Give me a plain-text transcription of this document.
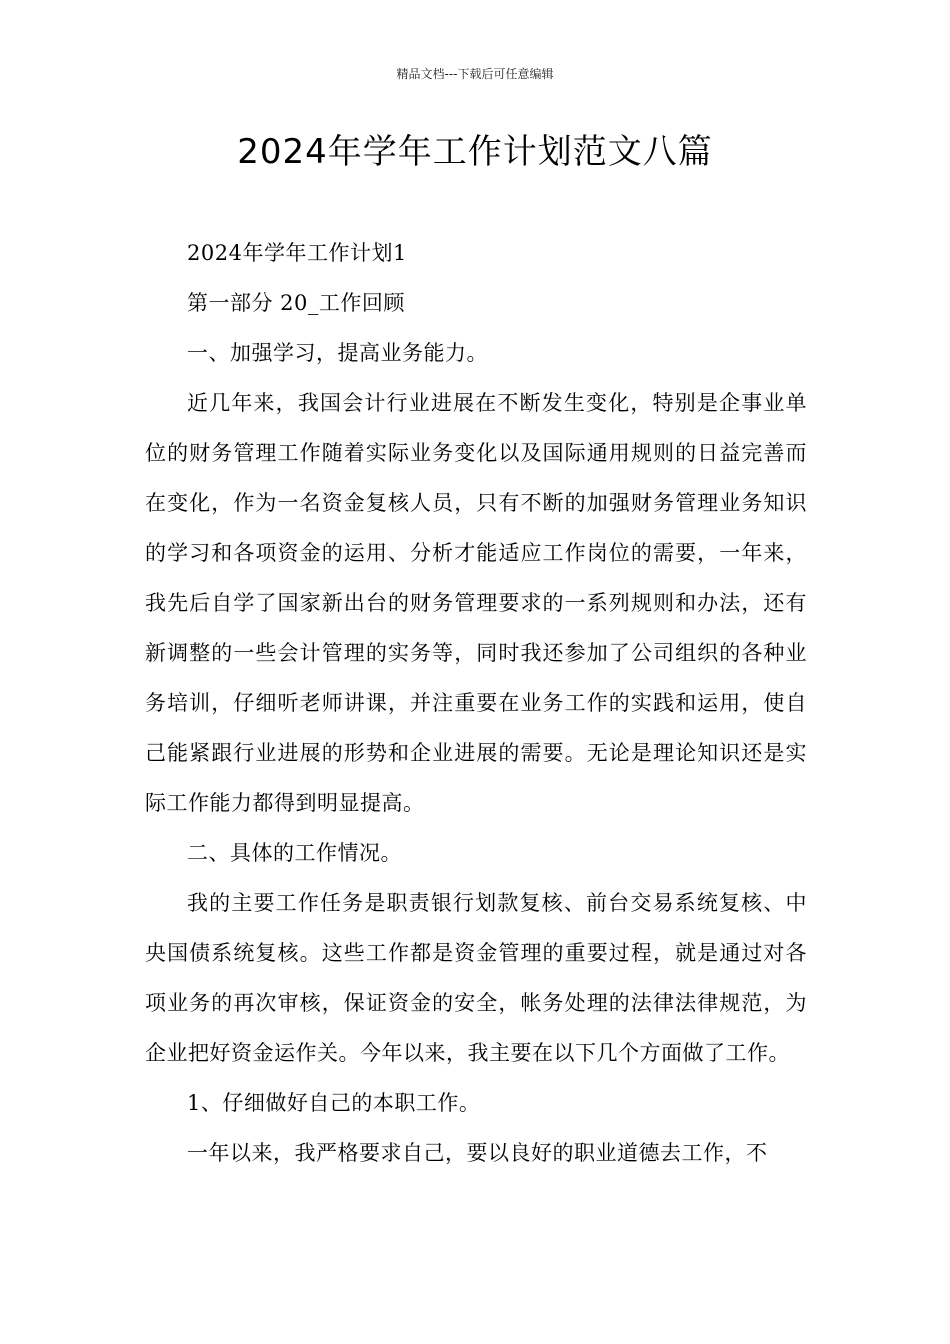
精品文档---下载后可任意编辑
2024年学年工作计划范文八篇

2024年学年工作计划1

第一部分 20_工作回顾

一、加强学习，提高业务能力。

近几年来，我国会计行业进展在不断发生变化，特别是企事业单位的财务管理工作随着实际业务变化以及国际通用规则的日益完善而在变化，作为一名资金复核人员，只有不断的加强财务管理业务知识的学习和各项资金的运用、分析才能适应工作岗位的需要，一年来，我先后自学了国家新出台的财务管理要求的一系列规则和办法，还有新调整的一些会计管理的实务等，同时我还参加了公司组织的各种业务培训，仔细听老师讲课，并注重要在业务工作的实践和运用，使自己能紧跟行业进展的形势和企业进展的需要。无论是理论知识还是实际工作能力都得到明显提高。

二、具体的工作情况。

我的主要工作任务是职责银行划款复核、前台交易系统复核、中央国债系统复核。这些工作都是资金管理的重要过程，就是通过对各项业务的再次审核，保证资金的安全，帐务处理的法律法律规范，为企业把好资金运作关。今年以来，我主要在以下几个方面做了工作。

1、仔细做好自己的本职工作。

一年以来，我严格要求自己，要以良好的职业道德去工作，不
